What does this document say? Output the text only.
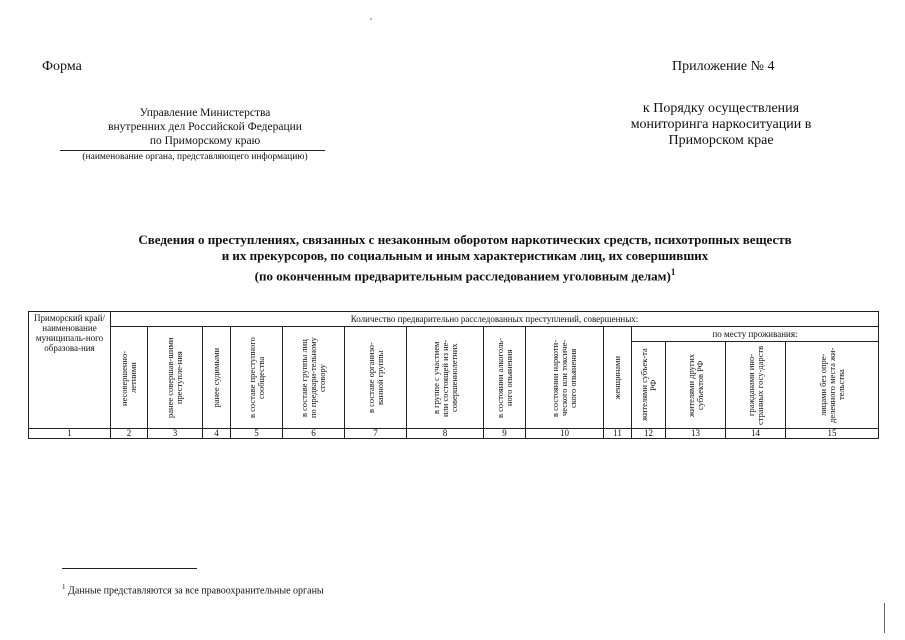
Форма	Приложение № 4
Управление Министерства
внутренних дел Российской Федерации
по Приморскому краю
(наименование органа, представляющего информацию)
к Порядку осуществления
мониторинга наркоситуации в
Приморском крае
Сведения о преступлениях, связанных с незаконным оборотом наркотических средств, психотропных веществ
и их прекурсоров, по социальным и иным характеристикам лиц, их совершивших
(по оконченным предварительным расследованием уголовным делам)$^1$
Приморский край/ наименование муниципаль-ного образова-ния	Количество предварительно расследованных преступлений, совершенных:													

	несовершенно-летними	ранее совершав-шими преступле-ния	ранее судимыми	в составе преступного сообщества	в составе группы лиц по предвари-тельному сговору	в составе организо-ванной группы	в группе с участием или состоящей из не-совершеннолетних	в состоянии алкоголь-ного опьянения	в состоянии наркоти-ческого или токсиче-ского опьянения	женщинами	по месту проживания:			

											жителями субъек-та РФ	жителями других субъектов РФ	гражданами ино-странных госу-дарств	лицами без опре-деленного места жи-тельства

1	2	3	4	5	6	7	8	9	10	11	12	13	14	15
$^1$ Данные представляются за все правоохранительные органы
